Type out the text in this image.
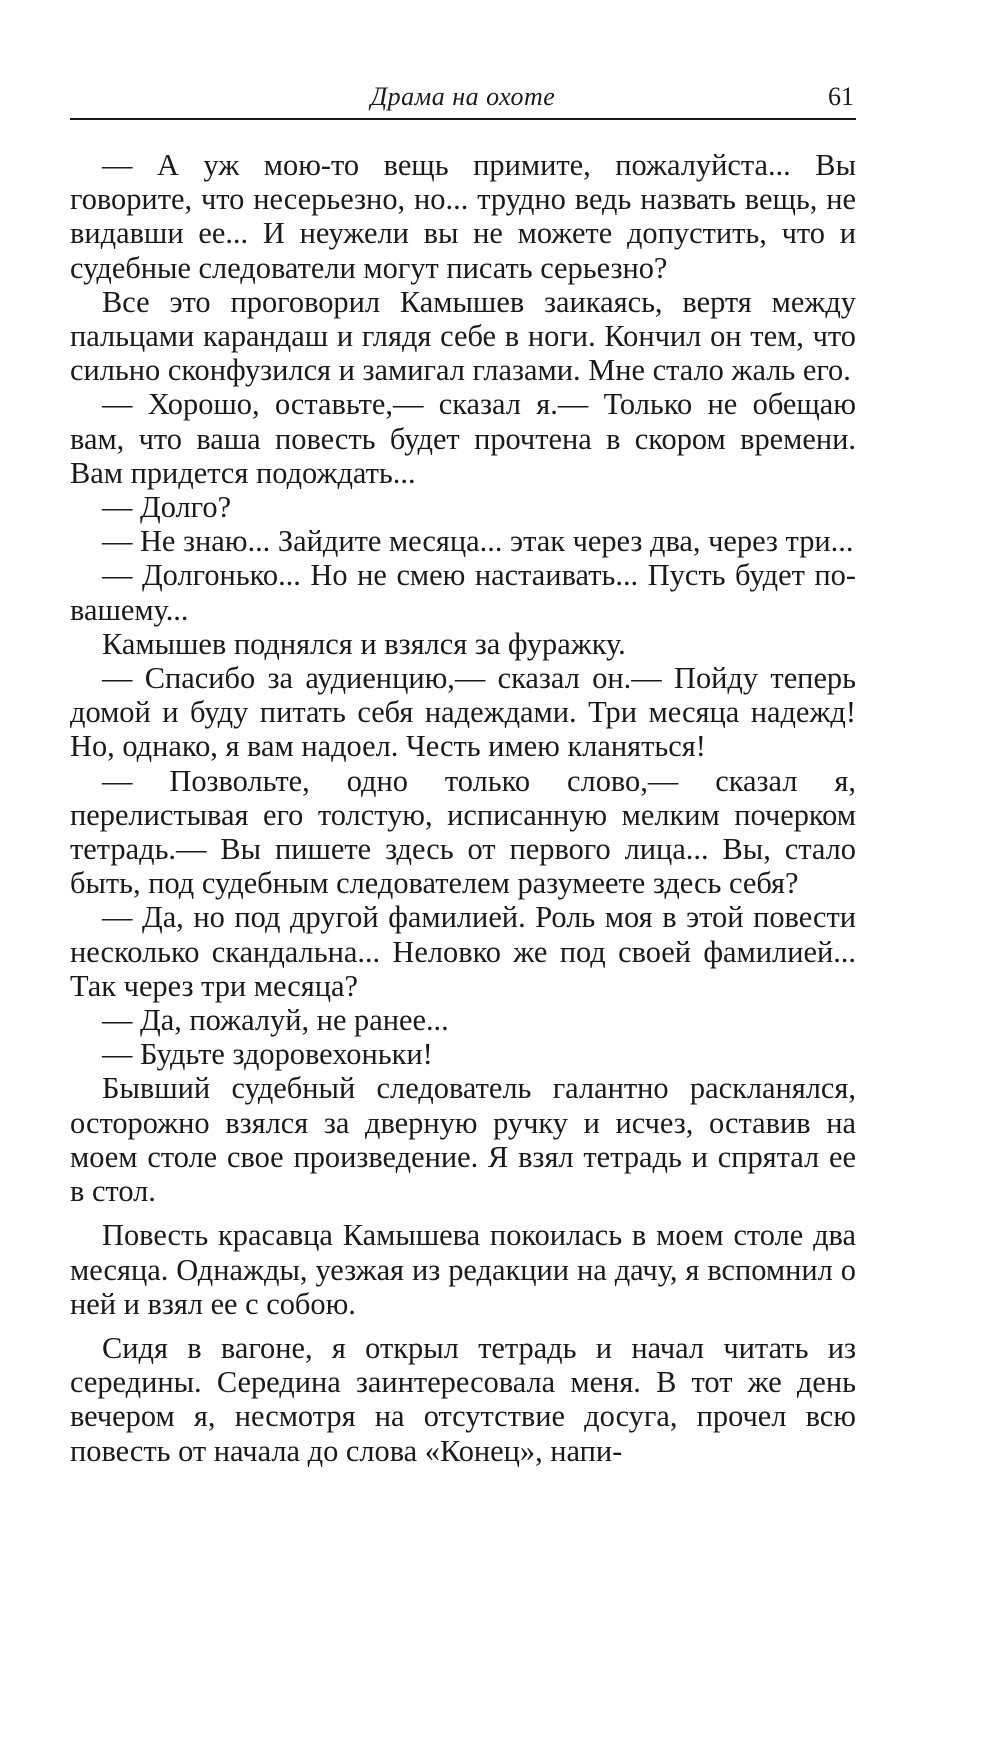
Драма на охоте	61

— А уж мою-то вещь примите, пожалуйста... Вы говорите, что несерьезно, но... трудно ведь назвать вещь, не видавши ее... И неужели вы не можете допустить, что и судебные следователи могут писать серьезно?

Все это проговорил Камышев заикаясь, вертя между пальцами карандаш и глядя себе в ноги. Кончил он тем, что сильно сконфузился и замигал глазами. Мне стало жаль его.

— Хорошо, оставьте,— сказал я.— Только не обещаю вам, что ваша повесть будет прочтена в скором времени. Вам придется подождать...

— Долго?

— Не знаю... Зайдите месяца... этак через два, через три...

— Долгонько... Но не смею настаивать... Пусть будет по-вашему...

Камышев поднялся и взялся за фуражку.

— Спасибо за аудиенцию,— сказал он.— Пойду теперь домой и буду питать себя надеждами. Три месяца надежд! Но, однако, я вам надоел. Честь имею кланяться!

— Позвольте, одно только слово,— сказал я, перелистывая его толстую, исписанную мелким почерком тетрадь.— Вы пишете здесь от первого лица... Вы, стало быть, под судебным следователем разумеете здесь себя?

— Да, но под другой фамилией. Роль моя в этой повести несколько скандальна... Неловко же под своей фамилией... Так через три месяца?

— Да, пожалуй, не ранее...

— Будьте здоровехоньки!

Бывший судебный следователь галантно раскланялся, осторожно взялся за дверную ручку и исчез, оставив на моем столе свое произведение. Я взял тетрадь и спрятал ее в стол.

Повесть красавца Камышева покоилась в моем столе два месяца. Однажды, уезжая из редакции на дачу, я вспомнил о ней и взял ее с собою.

Сидя в вагоне, я открыл тетрадь и начал читать из середины. Середина заинтересовала меня. В тот же день вечером я, несмотря на отсутствие досуга, прочел всю повесть от начала до слова «Конец», напи-
